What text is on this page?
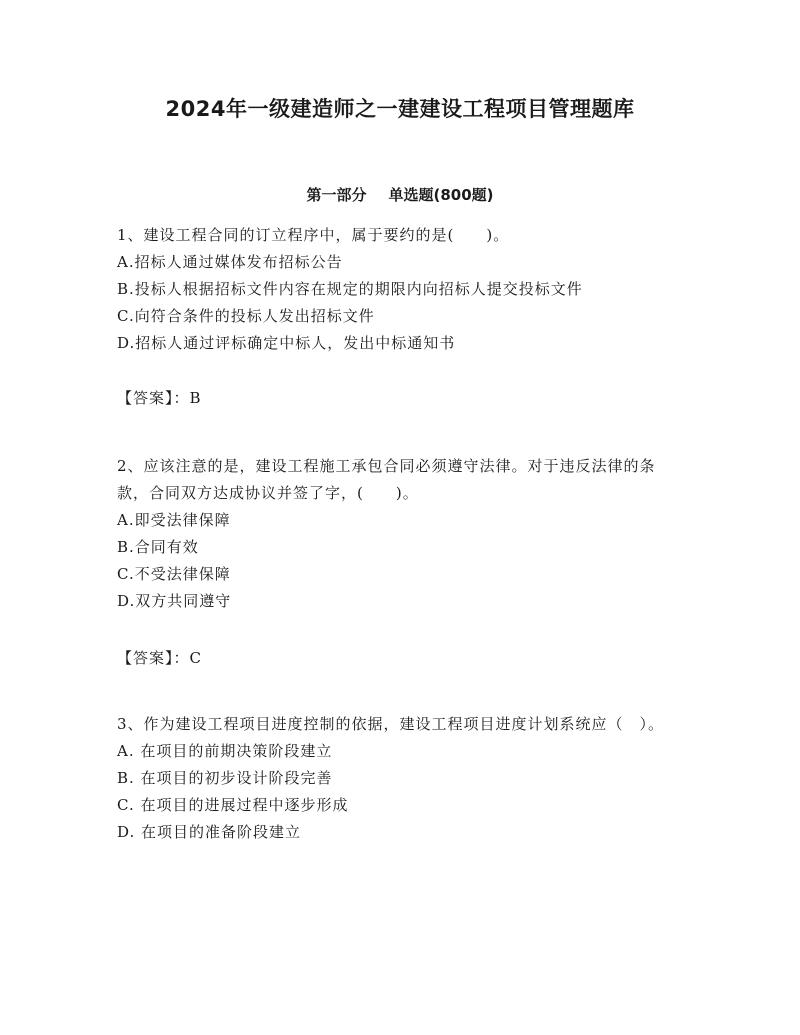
2024年一级建造师之一建建设工程项目管理题库
第一部分 单选题(800题)
1、建设工程合同的订立程序中，属于要约的是(　　)。
A.招标人通过媒体发布招标公告
B.投标人根据招标文件内容在规定的期限内向招标人提交投标文件
C.向符合条件的投标人发出招标文件
D.招标人通过评标确定中标人，发出中标通知书
【答案】：B
2、应该注意的是，建设工程施工承包合同必须遵守法律。对于违反法律的条款，合同双方达成协议并签了字，(　　)。
A.即受法律保障
B.合同有效
C.不受法律保障
D.双方共同遵守
【答案】：C
3、作为建设工程项目进度控制的依据，建设工程项目进度计划系统应（　）。
A. 在项目的前期决策阶段建立
B. 在项目的初步设计阶段完善
C. 在项目的进展过程中逐步形成
D. 在项目的准备阶段建立
